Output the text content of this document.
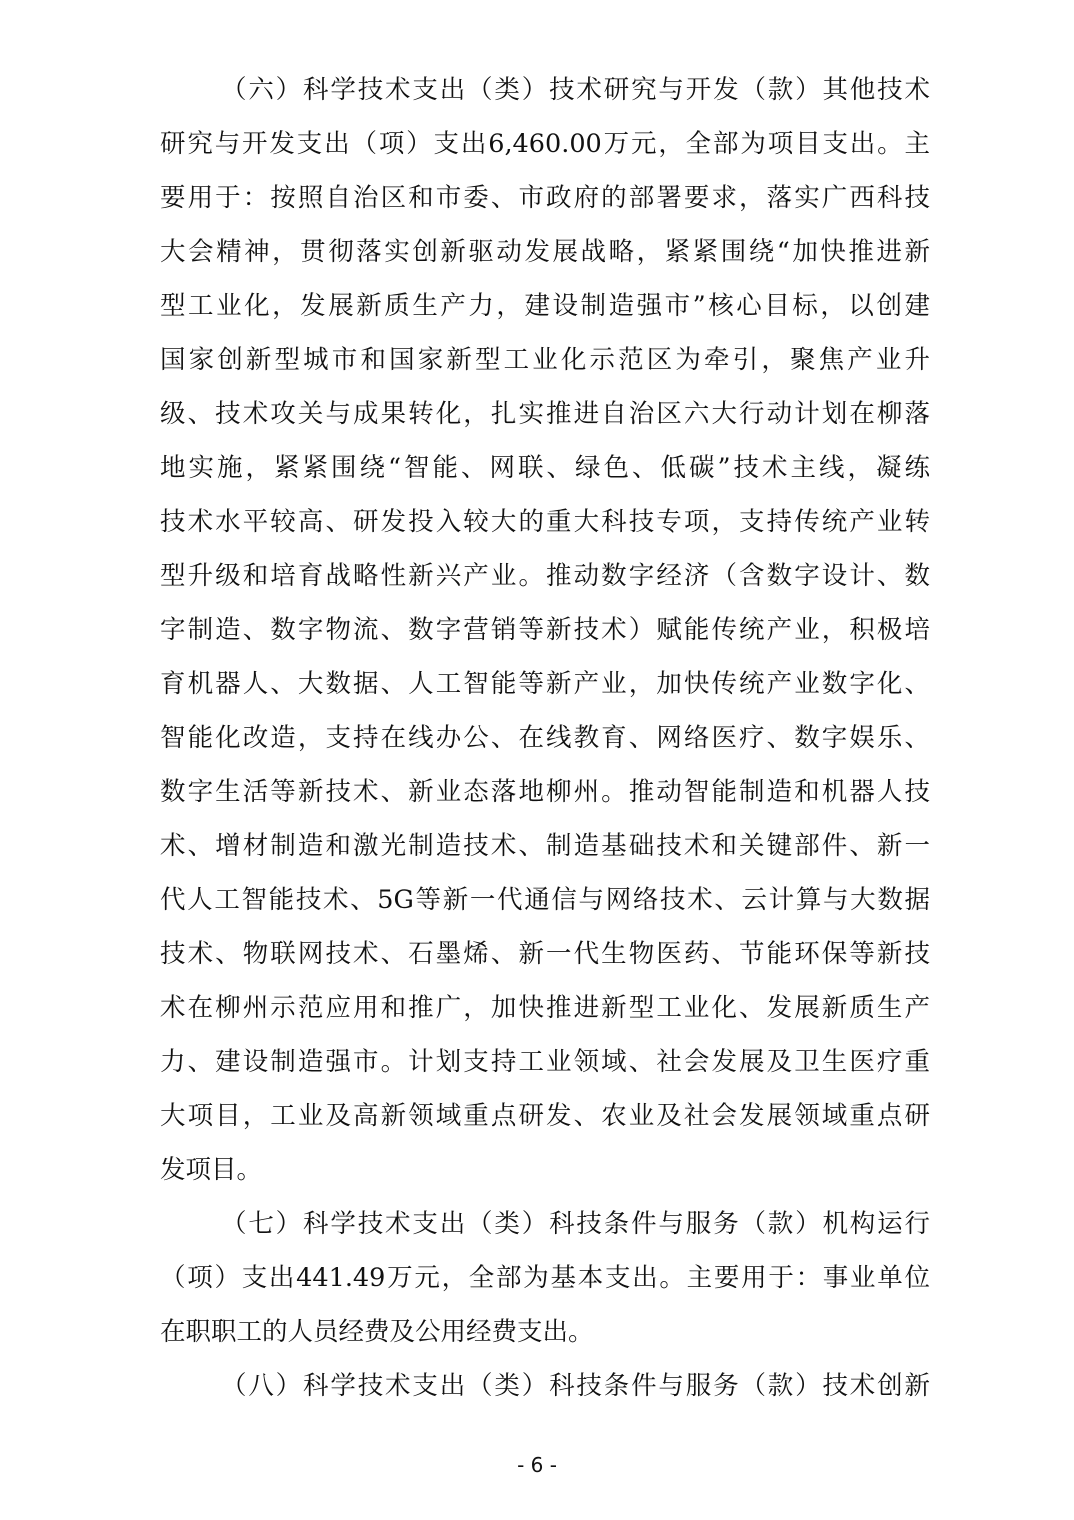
（六）科学技术支出（类）技术研究与开发（款）其他技术
研究与开发支出（项）支出6,460.00万元，全部为项目支出。主
要用于：按照自治区和市委、市政府的部署要求，落实广西科技
大会精神，贯彻落实创新驱动发展战略，紧紧围绕“加快推进新
型工业化，发展新质生产力，建设制造强市”核心目标，以创建
国家创新型城市和国家新型工业化示范区为牵引，聚焦产业升
级、技术攻关与成果转化，扎实推进自治区六大行动计划在柳落
地实施，紧紧围绕“智能、网联、绿色、低碳”技术主线，凝练
技术水平较高、研发投入较大的重大科技专项，支持传统产业转
型升级和培育战略性新兴产业。推动数字经济（含数字设计、数
字制造、数字物流、数字营销等新技术）赋能传统产业，积极培
育机器人、大数据、人工智能等新产业，加快传统产业数字化、
智能化改造，支持在线办公、在线教育、网络医疗、数字娱乐、
数字生活等新技术、新业态落地柳州。推动智能制造和机器人技
术、增材制造和激光制造技术、制造基础技术和关键部件、新一
代人工智能技术、5G等新一代通信与网络技术、云计算与大数据
技术、物联网技术、石墨烯、新一代生物医药、节能环保等新技
术在柳州示范应用和推广，加快推进新型工业化、发展新质生产
力、建设制造强市。计划支持工业领域、社会发展及卫生医疗重
大项目，工业及高新领域重点研发、农业及社会发展领域重点研
发项目。
（七）科学技术支出（类）科技条件与服务（款）机构运行
（项）支出441.49万元，全部为基本支出。主要用于：事业单位
在职职工的人员经费及公用经费支出。
（八）科学技术支出（类）科技条件与服务（款）技术创新
- 6 -
